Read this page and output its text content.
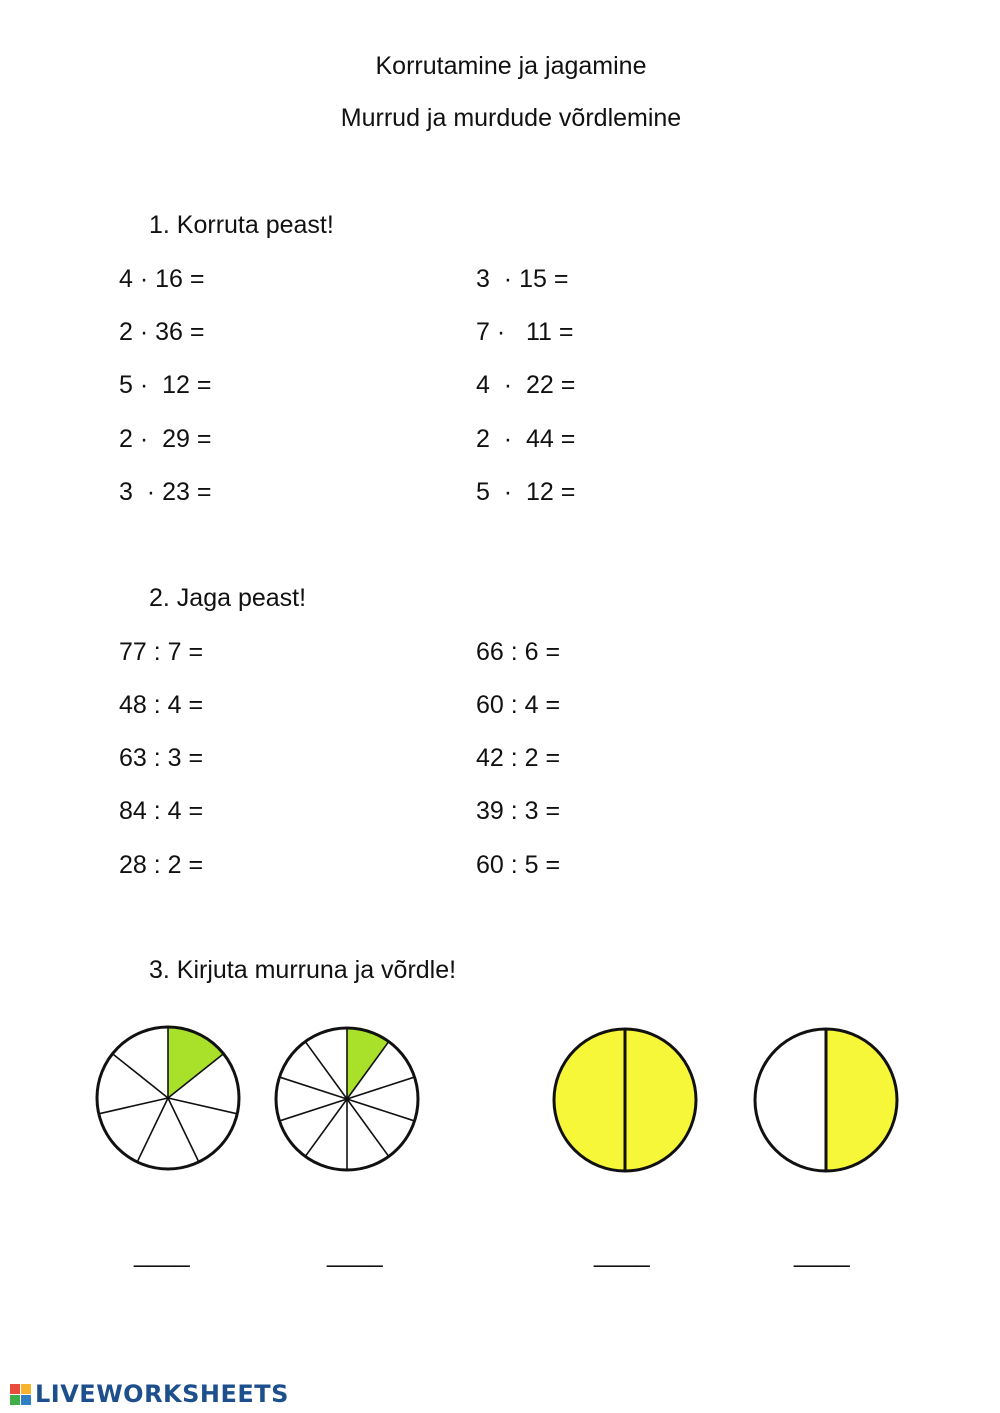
Korrutamine ja jagamine
Murrud ja murdude võrdlemine
1. Korruta peast!
4 · 16 =
2 · 36 =
5 ·  12 =
2 ·  29 =
3  · 23 =
3  · 15 =
7 ·   11 =
4  ·  22 =
2  ·  44 =
5  ·  12 =
2. Jaga peast!
77 : 7 =
48 : 4 =
63 : 3 =
84 : 4 =
28 : 2 =
66 : 6 =
60 : 4 =
42 : 2 =
39 : 3 =
60 : 5 =
3. Kirjuta murruna ja võrdle!
____	____	____	____
LIVEWORKSHEETS
